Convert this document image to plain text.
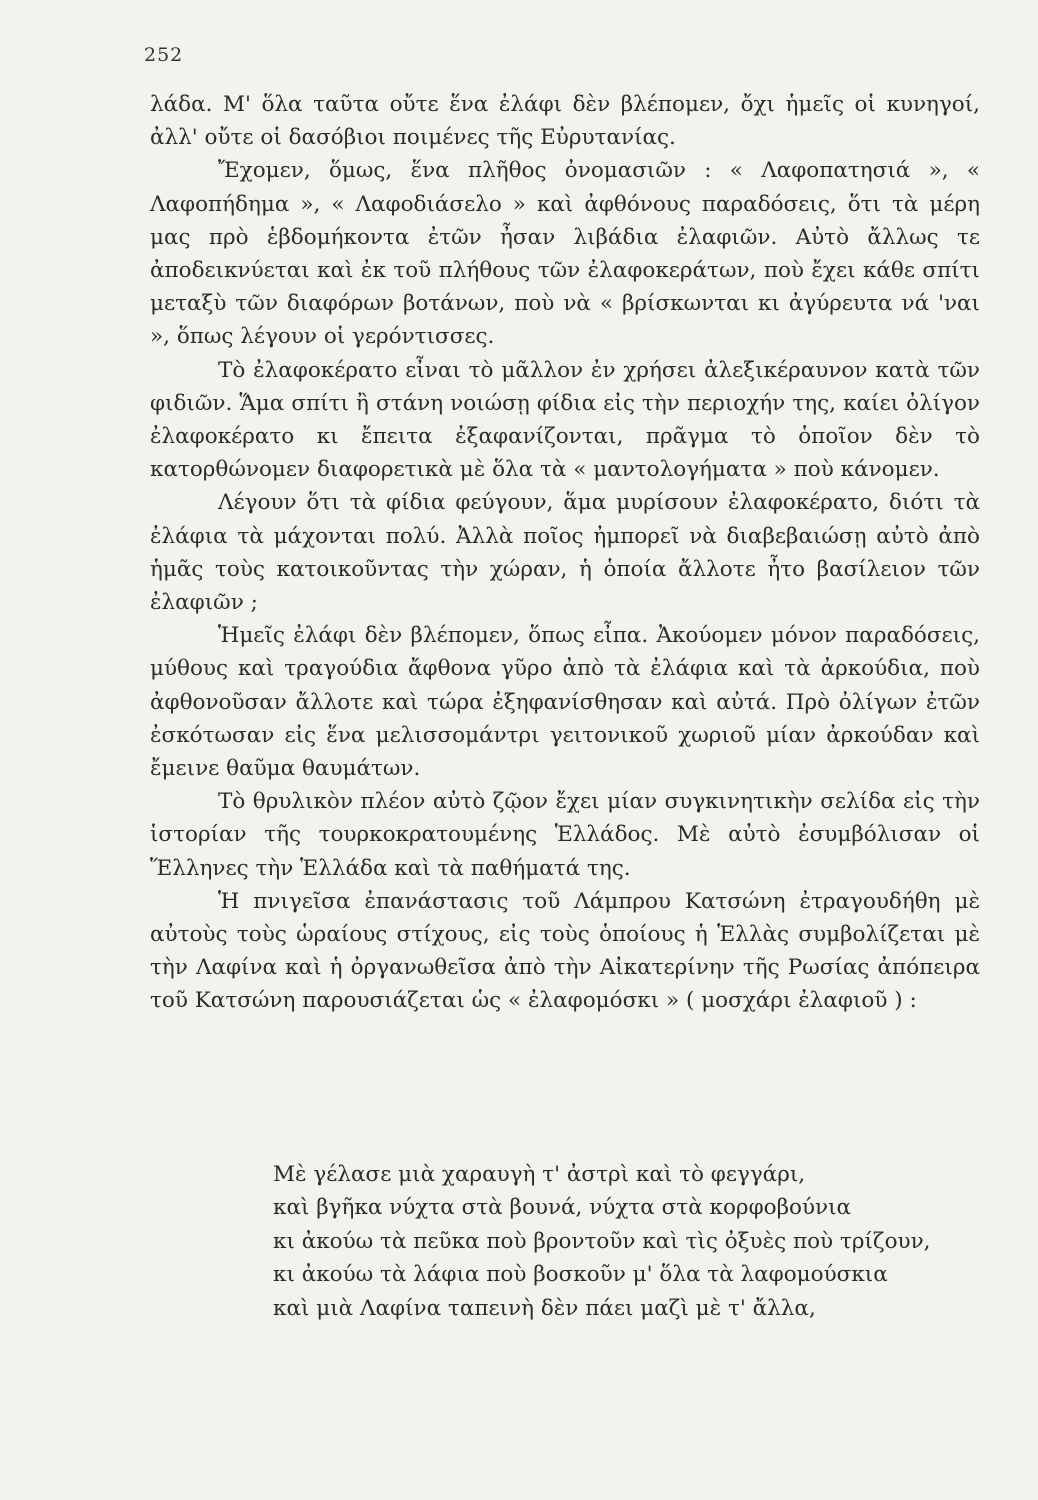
252

λάδα. Μ' ὅλα ταῦτα οὔτε ἕνα ἐλάφι δὲν βλέπομεν, ὄχι ἡμεῖς οἱ κυνηγοί, ἀλλ' οὔτε οἱ δασόβιοι ποιμένες τῆς Εὐρυτανίας.

Ἔχομεν, ὅμως, ἕνα πλῆθος ὀνομασιῶν : « Λαφοπατησιά », « Λαφοπήδημα », « Λαφοδιάσελο » καὶ ἀφθόνους παραδόσεις, ὅτι τὰ μέρη μας πρὸ ἑβδομήκοντα ἐτῶν ἦσαν λιβάδια ἐλαφιῶν. Αὐτὸ ἄλλως τε ἀποδεικνύεται καὶ ἐκ τοῦ πλήθους τῶν ἐλαφοκεράτων, ποὺ ἔχει κάθε σπίτι μεταξὺ τῶν διαφόρων βοτάνων, ποὺ νὰ « βρίσκωνται κι ἀγύρευτα νά 'ναι », ὅπως λέγουν οἱ γερόντισσες.

Τὸ ἐλαφοκέρατο εἶναι τὸ μᾶλλον ἐν χρήσει ἀλεξικέραυνον κατὰ τῶν φιδιῶν. Ἅμα σπίτι ἢ στάνη νοιώσῃ φίδια εἰς τὴν περιοχήν της, καίει ὀλίγον ἐλαφοκέρατο κι ἔπειτα ἐξαφανίζονται, πρᾶγμα τὸ ὁποῖον δὲν τὸ κατορθώνομεν διαφορετικὰ μὲ ὅλα τὰ « μαντολογήματα » ποὺ κάνομεν.

Λέγουν ὅτι τὰ φίδια φεύγουν, ἅμα μυρίσουν ἐλαφοκέρατο, διότι τὰ ἐλάφια τὰ μάχονται πολύ. Ἀλλὰ ποῖος ἠμπορεῖ νὰ διαβεβαιώσῃ αὐτὸ ἀπὸ ἡμᾶς τοὺς κατοικοῦντας τὴν χώραν, ἡ ὁποία ἄλλοτε ἦτο βασίλειον τῶν ἐλαφιῶν ;

Ἡμεῖς ἐλάφι δὲν βλέπομεν, ὅπως εἶπα. Ἀκούομεν μόνον παραδόσεις, μύθους καὶ τραγούδια ἄφθονα γῦρο ἀπὸ τὰ ἐλάφια καὶ τὰ ἀρκούδια, ποὺ ἀφθονοῦσαν ἄλλοτε καὶ τώρα ἐξηφανίσθησαν καὶ αὐτά. Πρὸ ὀλίγων ἐτῶν ἐσκότωσαν εἰς ἕνα μελισσομάντρι γειτονικοῦ χωριοῦ μίαν ἀρκούδαν καὶ ἔμεινε θαῦμα θαυμάτων.

Τὸ θρυλικὸν πλέον αὐτὸ ζῷον ἔχει μίαν συγκινητικὴν σελίδα εἰς τὴν ἱστορίαν τῆς τουρκοκρατουμένης Ἑλλάδος. Μὲ αὐτὸ ἐσυμβόλισαν οἱ Ἕλληνες τὴν Ἑλλάδα καὶ τὰ παθήματά της.

Ἡ πνιγεῖσα ἐπανάστασις τοῦ Λάμπρου Κατσώνη ἐτραγουδήθη μὲ αὐτοὺς τοὺς ὡραίους στίχους, εἰς τοὺς ὁποίους ἡ Ἑλλὰς συμβολίζεται μὲ τὴν Λαφίνα καὶ ἡ ὀργανωθεῖσα ἀπὸ τὴν Αἰκατερίνην τῆς Ρωσίας ἀπόπειρα τοῦ Κατσώνη παρουσιάζεται ὡς « ἐλαφομόσκι » ( μοσχάρι ἐλαφιοῦ ) :

Μὲ γέλασε μιὰ χαραυγὴ τ' ἀστρὶ καὶ τὸ φεγγάρι,
καὶ βγῆκα νύχτα στὰ βουνά, νύχτα στὰ κορφοβούνια
κι ἀκούω τὰ πεῦκα ποὺ βροντοῦν καὶ τὶς ὀξυὲς ποὺ τρίζουν,
κι ἀκούω τὰ λάφια ποὺ βοσκοῦν μ' ὅλα τὰ λαφομούσκια
καὶ μιὰ Λαφίνα ταπεινὴ δὲν πάει μαζὶ μὲ τ' ἄλλα,
